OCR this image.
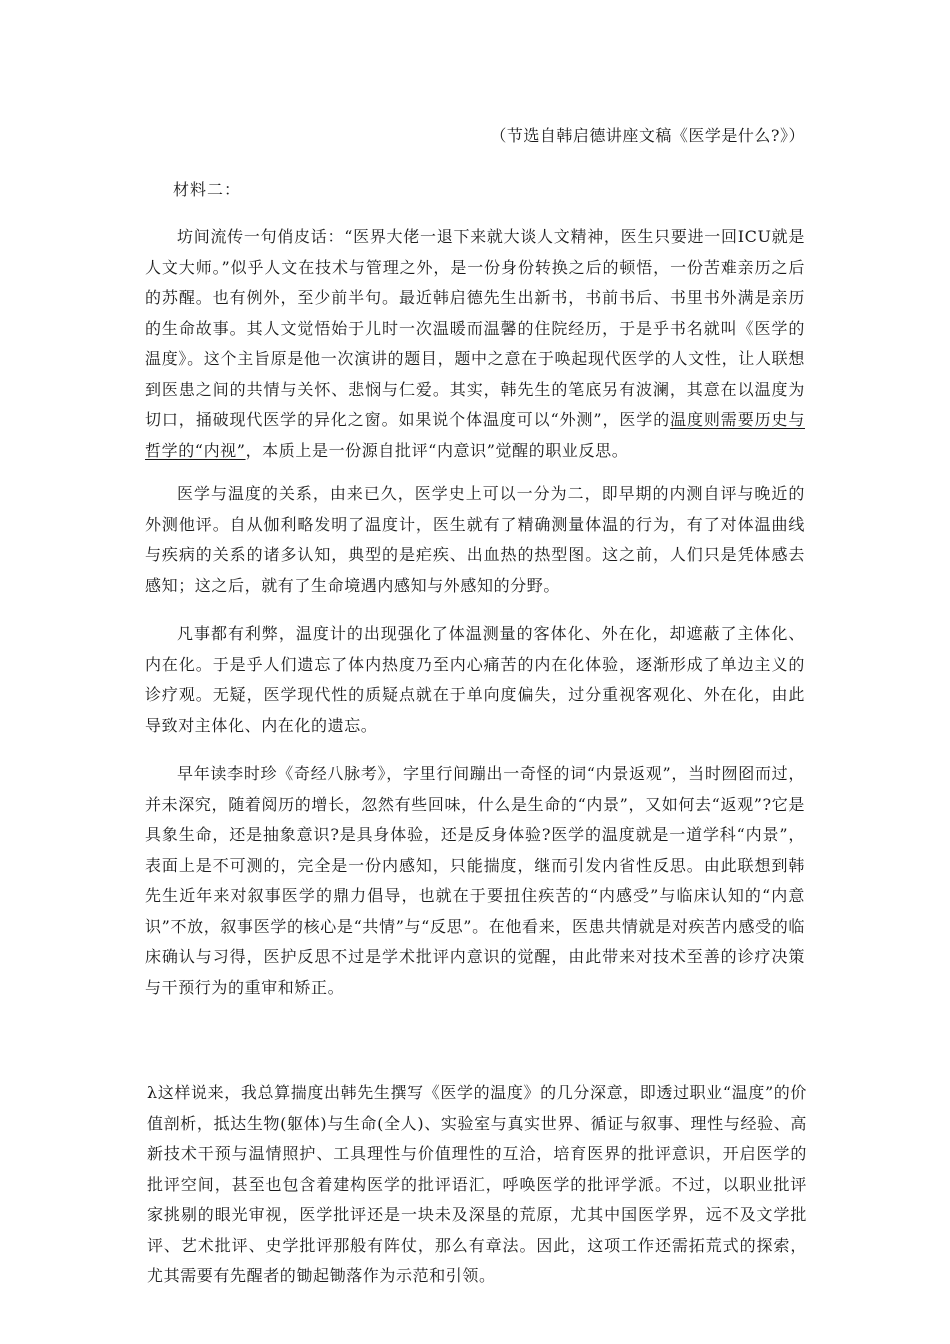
（节选自韩启德讲座文稿《医学是什么?》）
材料二：

坊间流传一句俏皮话：“医界大佬一退下来就大谈人文精神，医生只要进一回ICU就是人文大师。”似乎人文在技术与管理之外，是一份身份转换之后的顿悟，一份苦难亲历之后的苏醒。也有例外，至少前半句。最近韩启德先生出新书，书前书后、书里书外满是亲历的生命故事。其人文觉悟始于儿时一次温暖而温馨的住院经历，于是乎书名就叫《医学的温度》。这个主旨原是他一次演讲的题目，题中之意在于唤起现代医学的人文性，让人联想到医患之间的共情与关怀、悲悯与仁爱。其实，韩先生的笔底另有波澜，其意在以温度为切口，捅破现代医学的异化之窗。如果说个体温度可以“外测”，医学的温度则需要历史与哲学的“内视”，本质上是一份源自批评“内意识”觉醒的职业反思。

医学与温度的关系，由来已久，医学史上可以一分为二，即早期的内测自评与晚近的外测他评。自从伽利略发明了温度计，医生就有了精确测量体温的行为，有了对体温曲线与疾病的关系的诸多认知，典型的是疟疾、出血热的热型图。这之前，人们只是凭体感去感知；这之后，就有了生命境遇内感知与外感知的分野。

凡事都有利弊，温度计的出现强化了体温测量的客体化、外在化，却遮蔽了主体化、内在化。于是乎人们遗忘了体内热度乃至内心痛苦的内在化体验，逐渐形成了单边主义的诊疗观。无疑，医学现代性的质疑点就在于单向度偏失，过分重视客观化、外在化，由此导致对主体化、内在化的遗忘。

早年读李时珍《奇经八脉考》，字里行间蹦出一奇怪的词“内景返观”，当时囫囵而过，并未深究，随着阅历的增长，忽然有些回味，什么是生命的“内景”，又如何去“返观”?它是具象生命，还是抽象意识?是具身体验，还是反身体验?医学的温度就是一道学科“内景”，表面上是不可测的，完全是一份内感知，只能揣度，继而引发内省性反思。由此联想到韩先生近年来对叙事医学的鼎力倡导，也就在于要扭住疾苦的“内感受”与临床认知的“内意识”不放，叙事医学的核心是“共情”与“反思”。在他看来，医患共情就是对疾苦内感受的临床确认与习得，医护反思不过是学术批评内意识的觉醒，由此带来对技术至善的诊疗决策与干预行为的重审和矫正。

λ这样说来，我总算揣度出韩先生撰写《医学的温度》的几分深意，即透过职业“温度”的价值剖析，抵达生物(躯体)与生命(全人)、实验室与真实世界、循证与叙事、理性与经验、高新技术干预与温情照护、工具理性与价值理性的互洽，培育医界的批评意识，开启医学的批评空间，甚至也包含着建构医学的批评语汇，呼唤医学的批评学派。不过，以职业批评家挑剔的眼光审视，医学批评还是一块未及深垦的荒原，尤其中国医学界，远不及文学批评、艺术批评、史学批评那般有阵仗，那么有章法。因此，这项工作还需拓荒式的探索，尤其需要有先醒者的锄起锄落作为示范和引领。
